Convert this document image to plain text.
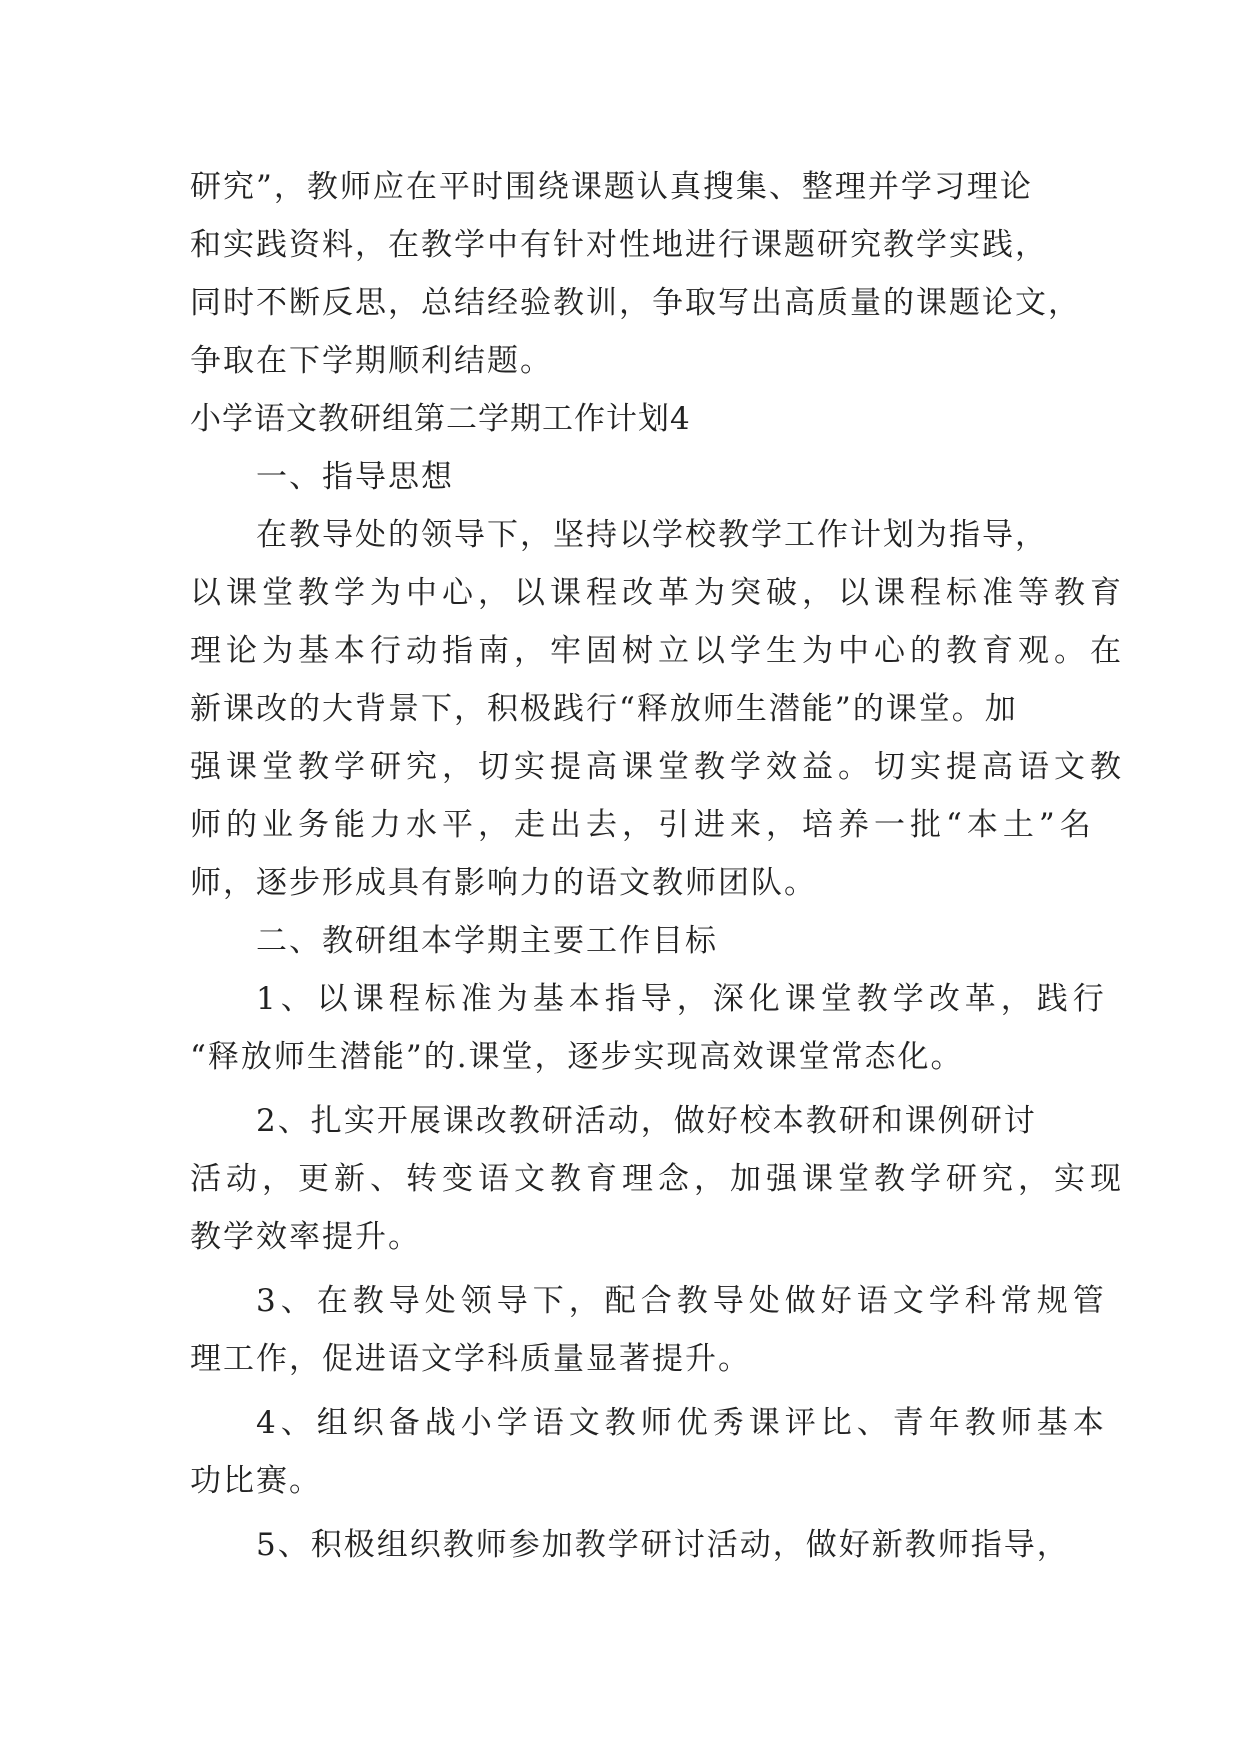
研究”，教师应在平时围绕课题认真搜集、整理并学习理论
和实践资料，在教学中有针对性地进行课题研究教学实践，
同时不断反思，总结经验教训，争取写出高质量的课题论文，
争取在下学期顺利结题。
小学语文教研组第二学期工作计划4
一、指导思想
在教导处的领导下，坚持以学校教学工作计划为指导，
以课堂教学为中心，以课程改革为突破，以课程标准等教育
理论为基本行动指南，牢固树立以学生为中心的教育观。在
新课改的大背景下，积极践行“释放师生潜能”的课堂。加
强课堂教学研究，切实提高课堂教学效益。切实提高语文教
师的业务能力水平，走出去，引进来，培养一批“本土”名
师，逐步形成具有影响力的语文教师团队。
二、教研组本学期主要工作目标
1、以课程标准为基本指导，深化课堂教学改革，践行
“释放师生潜能”的.课堂，逐步实现高效课堂常态化。
2、扎实开展课改教研活动，做好校本教研和课例研讨
活动，更新、转变语文教育理念，加强课堂教学研究，实现
教学效率提升。
3、在教导处领导下，配合教导处做好语文学科常规管
理工作，促进语文学科质量显著提升。
4、组织备战小学语文教师优秀课评比、青年教师基本
功比赛。
5、积极组织教师参加教学研讨活动，做好新教师指导，
